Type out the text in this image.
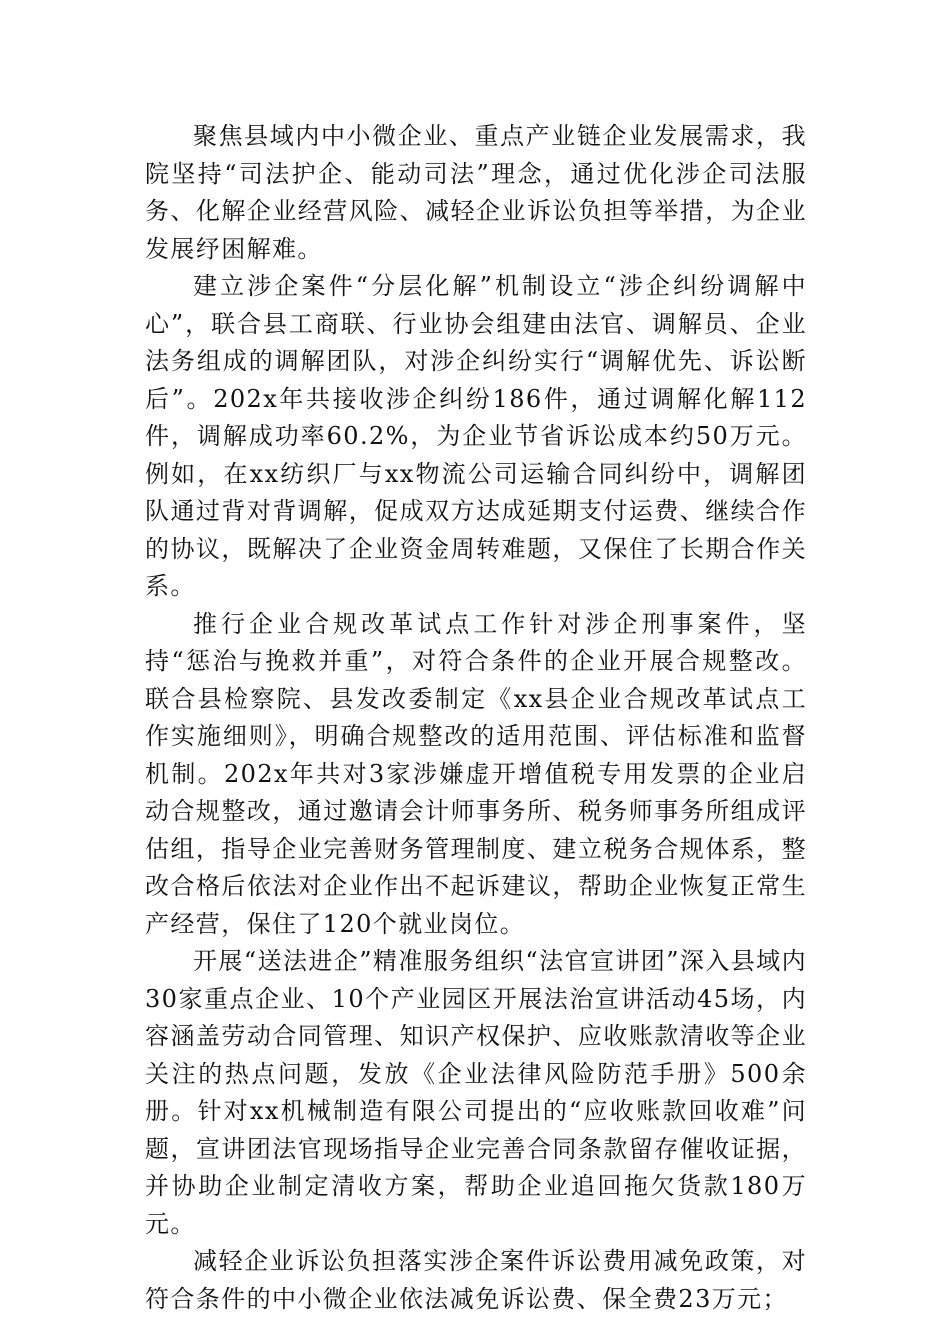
聚焦县域内中小微企业、重点产业链企业发展需求，我院坚持“司法护企、能动司法”理念，通过优化涉企司法服务、化解企业经营风险、减轻企业诉讼负担等举措，为企业发展纾困解难。

建立涉企案件“分层化解”机制设立“涉企纠纷调解中心”，联合县工商联、行业协会组建由法官、调解员、企业法务组成的调解团队，对涉企纠纷实行“调解优先、诉讼断后”。202x年共接收涉企纠纷186件，通过调解化解112件，调解成功率60.2%，为企业节省诉讼成本约50万元。例如，在xx纺织厂与xx物流公司运输合同纠纷中，调解团队通过背对背调解，促成双方达成延期支付运费、继续合作的协议，既解决了企业资金周转难题，又保住了长期合作关系。

推行企业合规改革试点工作针对涉企刑事案件，坚持“惩治与挽救并重”，对符合条件的企业开展合规整改。联合县检察院、县发改委制定《xx县企业合规改革试点工作实施细则》，明确合规整改的适用范围、评估标准和监督机制。202x年共对3家涉嫌虚开增值税专用发票的企业启动合规整改，通过邀请会计师事务所、税务师事务所组成评估组，指导企业完善财务管理制度、建立税务合规体系，整改合格后依法对企业作出不起诉建议，帮助企业恢复正常生产经营，保住了120个就业岗位。

开展“送法进企”精准服务组织“法官宣讲团”深入县域内30家重点企业、10个产业园区开展法治宣讲活动45场，内容涵盖劳动合同管理、知识产权保护、应收账款清收等企业关注的热点问题，发放《企业法律风险防范手册》500余册。针对xx机械制造有限公司提出的“应收账款回收难”问题，宣讲团法官现场指导企业完善合同条款留存催收证据，并协助企业制定清收方案，帮助企业追回拖欠货款180万元。

减轻企业诉讼负担落实涉企案件诉讼费用减免政策，对符合条件的中小微企业依法减免诉讼费、保全费23万元；
